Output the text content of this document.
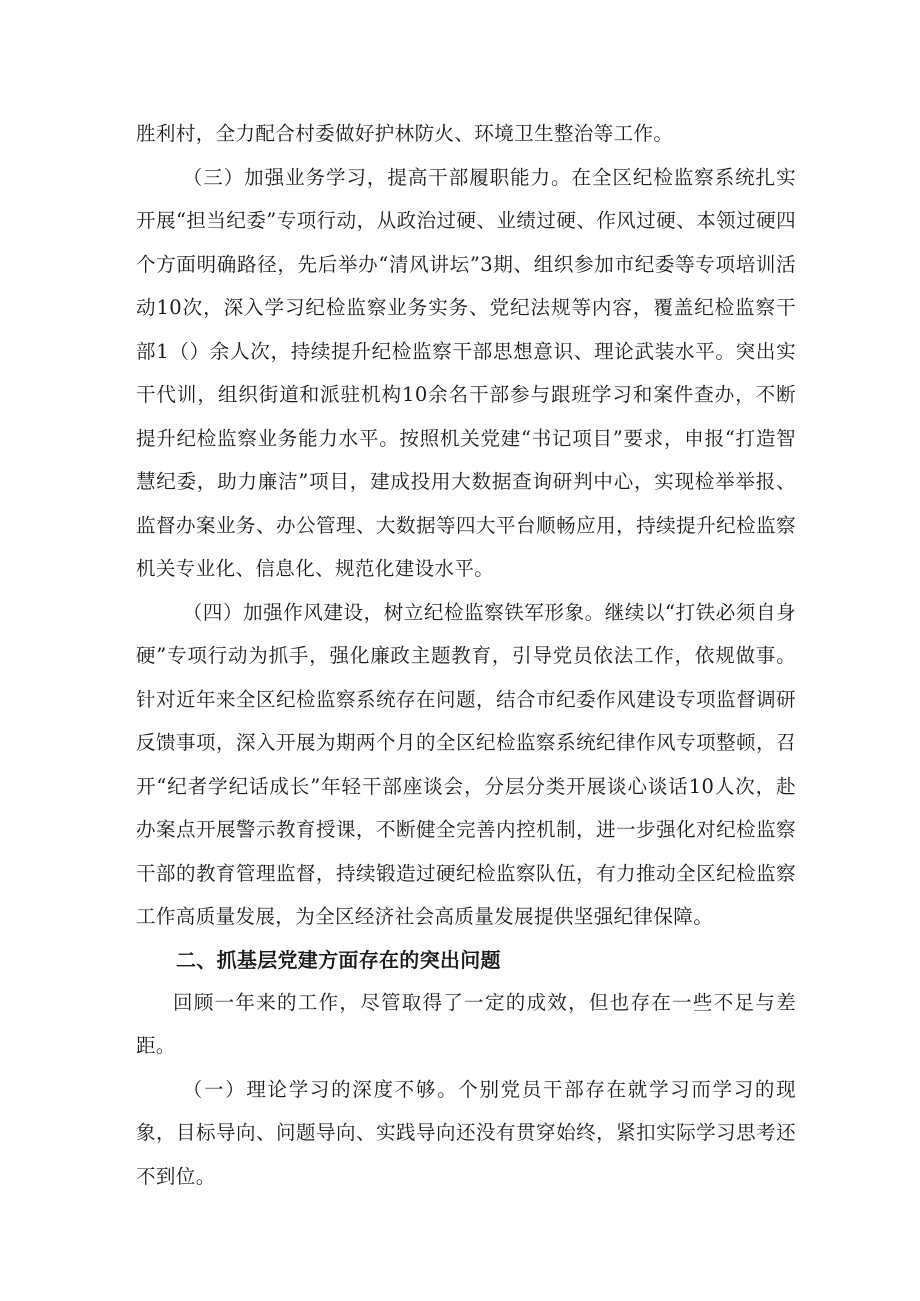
胜利村，全力配合村委做好护林防火、环境卫生整治等工作。

（三）加强业务学习，提高干部履职能力。在全区纪检监察系统扎实开展“担当纪委”专项行动，从政治过硬、业绩过硬、作风过硬、本领过硬四个方面明确路径，先后举办“清风讲坛”3期、组织参加市纪委等专项培训活动10次，深入学习纪检监察业务实务、党纪法规等内容，覆盖纪检监察干部1（）余人次，持续提升纪检监察干部思想意识、理论武装水平。突出实干代训，组织街道和派驻机构10余名干部参与跟班学习和案件查办，不断提升纪检监察业务能力水平。按照机关党建“书记项目”要求，申报“打造智慧纪委，助力廉洁”项目，建成投用大数据查询研判中心，实现检举举报、监督办案业务、办公管理、大数据等四大平台顺畅应用，持续提升纪检监察机关专业化、信息化、规范化建设水平。

（四）加强作风建设，树立纪检监察铁军形象。继续以“打铁必须自身硬”专项行动为抓手，强化廉政主题教育，引导党员依法工作，依规做事。针对近年来全区纪检监察系统存在问题，结合市纪委作风建设专项监督调研反馈事项，深入开展为期两个月的全区纪检监察系统纪律作风专项整顿，召开“纪者学纪话成长”年轻干部座谈会，分层分类开展谈心谈话10人次，赴办案点开展警示教育授课，不断健全完善内控机制，进一步强化对纪检监察干部的教育管理监督，持续锻造过硬纪检监察队伍，有力推动全区纪检监察工作高质量发展，为全区经济社会高质量发展提供坚强纪律保障。

二、抓基层党建方面存在的突出问题

回顾一年来的工作，尽管取得了一定的成效，但也存在一些不足与差距。

（一）理论学习的深度不够。个别党员干部存在就学习而学习的现象，目标导向、问题导向、实践导向还没有贯穿始终，紧扣实际学习思考还不到位。
